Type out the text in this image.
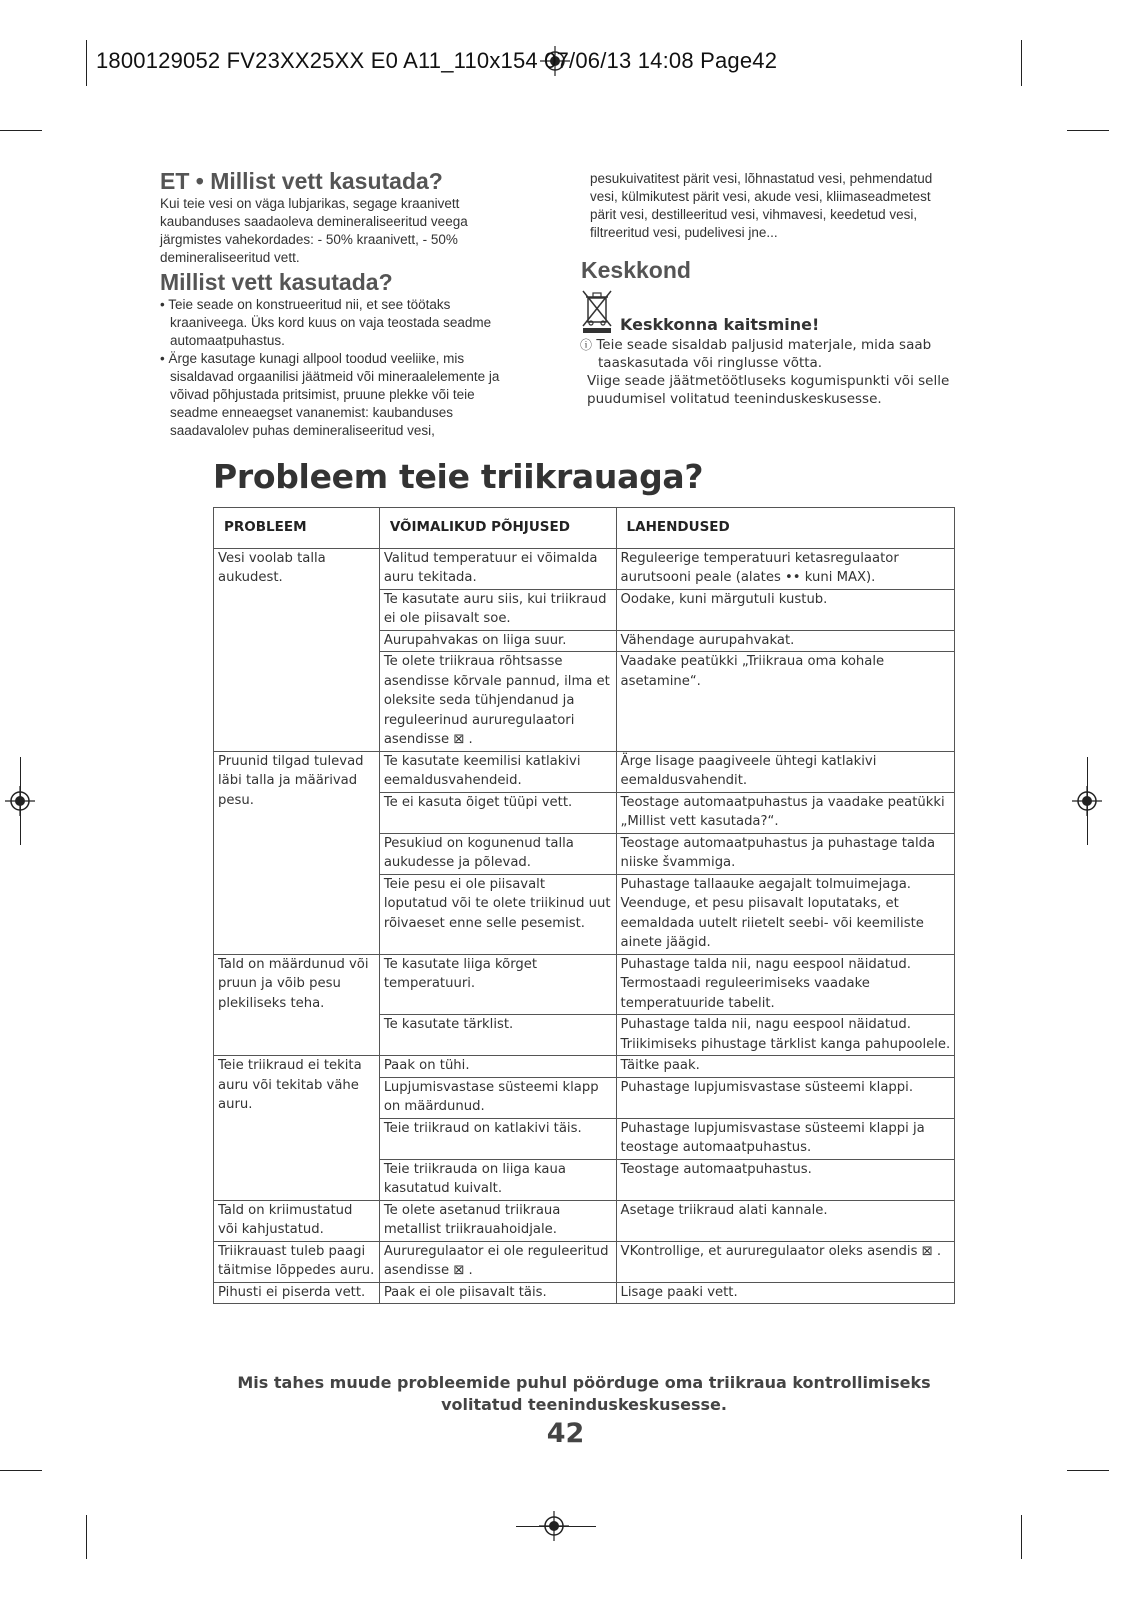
1800129052 FV23XX25XX E0 A11_110x154 07/06/13 14:08 Page42
ET • Millist vett kasutada?
Kui teie vesi on väga lubjarikas, segage kraanivett
kaubanduses saadaoleva demineraliseeritud veega
järgmistes vahekordades: - 50% kraanivett, - 50%
demineraliseeritud vett.
Millist vett kasutada?
• Teie seade on konstrueeritud nii, et see töötaks
kraaniveega. Üks kord kuus on vaja teostada seadme
automaatpuhastus.
• Ärge kasutage kunagi allpool toodud veeliike, mis
sisaldavad orgaanilisi jäätmeid või mineraalelemente ja
võivad põhjustada pritsimist, pruune plekke või teie
seadme enneaegset vananemist: kaubanduses
saadavalolev puhas demineraliseeritud vesi,
pesukuivatitest pärit vesi, lõhnastatud vesi, pehmendatud
vesi, külmikutest pärit vesi, akude vesi, kliimaseadmetest
pärit vesi, destilleeritud vesi, vihmavesi, keedetud vesi,
filtreeritud vesi, pudelivesi jne...
Keskkond
Keskkonna kaitsmine!
ⓘ Teie seade sisaldab paljusid materjale, mida saab
taaskasutada või ringlusse võtta.
Viige seade jäätmetöötluseks kogumispunkti või selle
puudumisel volitatud teeninduskeskusesse.
Probleem teie triikrauaga?
PROBLEEM	VÕIMALIKUD PÕHJUSED	LAHENDUSED
Vesi voolab talla aukudest.	Valitud temperatuur ei võimalda auru tekitada.	Reguleerige temperatuuri ketasregulaator aurutsooni peale (alates •• kuni MAX).
	Te kasutate auru siis, kui triikraud ei ole piisavalt soe.	Oodake, kuni märgutuli kustub.
	Aurupahvakas on liiga suur.	Vähendage aurupahvakat.
	Te olete triikraua rõhtsasse asendisse kõrvale pannud, ilma et oleksite seda tühjendanud ja reguleerinud aururegulaatori asendisse ⊠ .	Vaadake peatükki „Triikraua oma kohale asetamine“.
Pruunid tilgad tulevad läbi talla ja määrivad pesu.	Te kasutate keemilisi katlakivi eemaldusvahendeid.	Ärge lisage paagiveele ühtegi katlakivi eemaldusvahendit.
	Te ei kasuta õiget tüüpi vett.	Teostage automaatpuhastus ja vaadake peatükki „Millist vett kasutada?“.
	Pesukiud on kogunenud talla aukudesse ja põlevad.	Teostage automaatpuhastus ja puhastage talda niiske švammiga.
	Teie pesu ei ole piisavalt loputatud või te olete triikinud uut rõivaeset enne selle pesemist.	Puhastage tallaauke aegajalt tolmuimejaga. Veenduge, et pesu piisavalt loputataks, et eemaldada uutelt riietelt seebi- või keemiliste ainete jäägid.
Tald on määrdunud või pruun ja võib pesu plekiliseks teha.	Te kasutate liiga kõrget temperatuuri.	Puhastage talda nii, nagu eespool näidatud. Termostaadi reguleerimiseks vaadake temperatuuride tabelit.
	Te kasutate tärklist.	Puhastage talda nii, nagu eespool näidatud. Triikimiseks pihustage tärklist kanga pahupoolele.
Teie triikraud ei tekita auru või tekitab vähe auru.	Paak on tühi.	Täitke paak.
	Lupjumisvastase süsteemi klapp on määrdunud.	Puhastage lupjumisvastase süsteemi klappi.
	Teie triikraud on katlakivi täis.	Puhastage lupjumisvastase süsteemi klappi ja teostage automaatpuhastus.
	Teie triikrauda on liiga kaua kasutatud kuivalt.	Teostage automaatpuhastus.
Tald on kriimustatud või kahjustatud.	Te olete asetanud triikraua metallist triikrauahoidjale.	Asetage triikraud alati kannale.
Triikrauast tuleb paagi täitmise lõppedes auru.	Aururegulaator ei ole reguleeritud asendisse ⊠ .	VKontrollige, et aururegulaator oleks asendis ⊠ .
Pihusti ei piserda vett.	Paak ei ole piisavalt täis.	Lisage paaki vett.
Mis tahes muude probleemide puhul pöörduge oma triikraua kontrollimiseks
volitatud teeninduskeskusesse.
42
